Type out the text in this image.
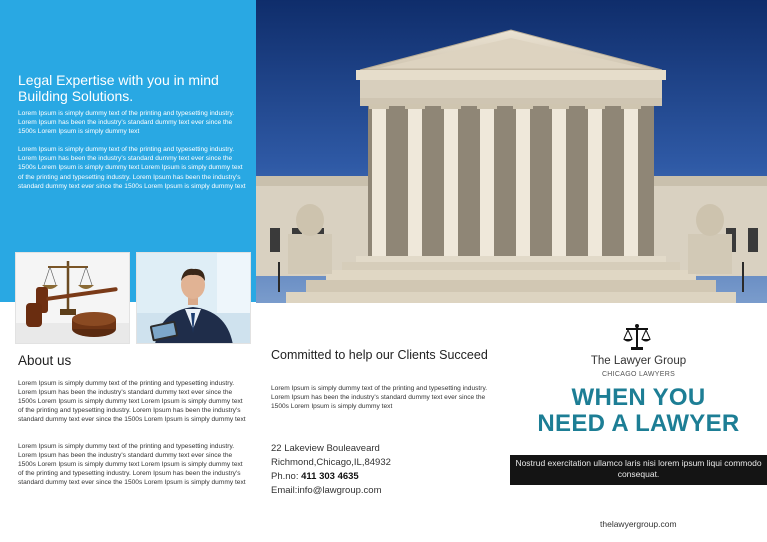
Legal Expertise with you in mind
Building Solutions.
Lorem Ipsum is simply dummy text of the printing and typesetting industry. Lorem Ipsum has been the industry's standard dummy text ever since the 1500s Lorem Ipsum is simply dummy text
Lorem Ipsum is simply dummy text of the printing and typesetting industry. Lorem Ipsum has been the industry's standard dummy text ever since the 1500s Lorem Ipsum is simply dummy text Lorem Ipsum is simply dummy text of the printing and typesetting industry. Lorem Ipsum has been the industry's standard dummy text ever since the 1500s Lorem Ipsum is simply dummy text
About us
Lorem Ipsum is simply dummy text of the printing and typesetting industry. Lorem Ipsum has been the industry's standard dummy text ever since the 1500s Lorem Ipsum is simply dummy text Lorem Ipsum is simply dummy text of the printing and typesetting industry. Lorem Ipsum has been the industry's standard dummy text ever since the 1500s Lorem Ipsum is simply dummy text
Lorem Ipsum is simply dummy text of the printing and typesetting industry. Lorem Ipsum has been the industry's standard dummy text ever since the 1500s Lorem Ipsum is simply dummy text Lorem Ipsum is simply dummy text of the printing and typesetting industry. Lorem Ipsum has been the industry's standard dummy text ever since the 1500s Lorem Ipsum is simply dummy text
Committed to help our Clients Succeed
Lorem Ipsum is simply dummy text of the printing and typesetting industry. Lorem Ipsum has been the industry's standard dummy text ever since the 1500s Lorem Ipsum is simply dummy text
22 Lakeview Bouleaveard
Richmond,Chicago,IL,84932
Ph.no: 411 303 4635
Email:info@lawgroup.com
The Lawyer Group
CHICAGO LAWYERS
WHEN YOU
NEED A LAWYER
Nostrud exercitation ullamco laris nisi lorem ipsum liqui commodo consequat.
thelawyergroup.com
